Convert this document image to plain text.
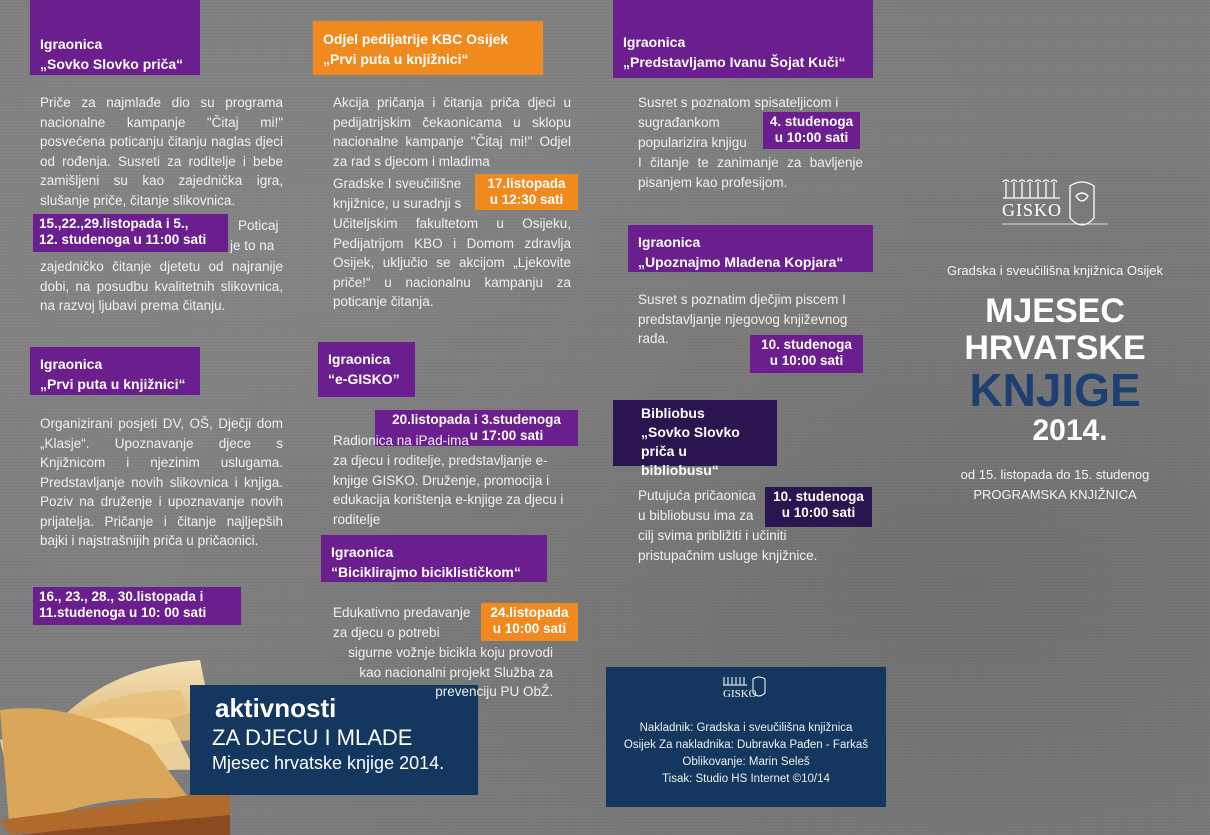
Igraonica
„Sovko Slovko priča“
Priče za najmlađe dio su programa nacionalne kampanje "Čitaj mi!" posvećena poticanju čitanju naglas djeci od rođenja. Susreti za roditelje i bebe zamišljeni su kao zajednička igra, slušanje priče, čitanje slikovnica.
15.,22.,29.listopada i 5.,
12. studenoga u 11:00 sati
Poticaj
je to na
zajedničko čitanje djetetu od najranije dobi, na posudbu kvalitetnih slikovnica, na razvoj ljubavi prema čitanju.
Igraonica
„Prvi puta u knjižnici“
Organizirani posjeti DV, OŠ, Dječji dom „Klasje“. Upoznavanje djece s Knjižnicom i njezinim uslugama. Predstavljanje novih slikovnica i knjiga. Poziv na druženje i upoznavanje novih prijatelja. Pričanje i čitanje najljepših bajki i najstrašnijih priča u pričaonici.
16., 23., 28., 30.listopada i
11.studenoga u 10: 00 sati
aktivnosti
ZA DJECU I MLADE
Mjesec hrvatske knjige 2014.
Odjel pedijatrije KBC Osijek
„Prvi puta u knjižnici“
Akcija pričanja i čitanja priča djeci u pedijatrijskim čekaonicama u sklopu nacionalne kampanje "Čitaj mi!" Odjel za rad s djecom i mladima
Gradske I sveučilišne
knjižnice, u suradnji s
17.listopada
u 12:30 sati
Učiteljskim fakultetom u Osijeku, Pedijatrijom KBO i Domom zdravlja Osijek, uključio se akcijom „Ljekovite priče!“ u nacionalnu kampanju za poticanje čitanja.
Igraonica
“e-GISKO”
20.listopada i 3.studenoga
u 17:00 sati
Radionica na iPad-ima
za djecu i roditelje, predstavljanje e-knjige GISKO. Druženje, promocija i edukacija korištenja e-knjige za djecu i roditelje
Igraonica
“Biciklirajmo biciklističkom“
Edukativno predavanje
za djecu o potrebi
24.listopada
u 10:00 sati
sigurne vožnje bicikla koju provodi kao nacionalni projekt Služba za prevenciju PU ObŽ.
Igraonica
„Predstavljamo Ivanu Šojat Kuči“
Susret s poznatom spisateljicom i
sugrađankom
popularizira knjigu
4. studenoga
u 10:00 sati
I čitanje te zanimanje za bavljenje pisanjem kao profesijom.
Igraonica
„Upoznajmo Mladena Kopjara“
Susret s poznatim dječjim piscem I predstavljanje njegovog književnog rada.	10. studenoga
u 10:00 sati
Bibliobus
„Sovko Slovko
priča u bibliobusu“
Putujuća pričaonica
u bibliobusu ima za
10. studenoga
u 10:00 sati
cilj svima približiti i učiniti pristupačnim usluge knjižnice.
GISKO
Nakladnik: Gradska i sveučilišna knjižnica
Osijek Za nakladnika: Dubravka Pađen - Farkaš
Oblikovanje: Marin Seleš
Tisak: Studio HS Internet ©10/14
GISKO
Gradska i sveučilišna knjižnica Osijek
MJESEC
HRVATSKE
KNJIGE
2014.
od 15. listopada do 15. studenog
PROGRAMSKA KNJIŽNICA
